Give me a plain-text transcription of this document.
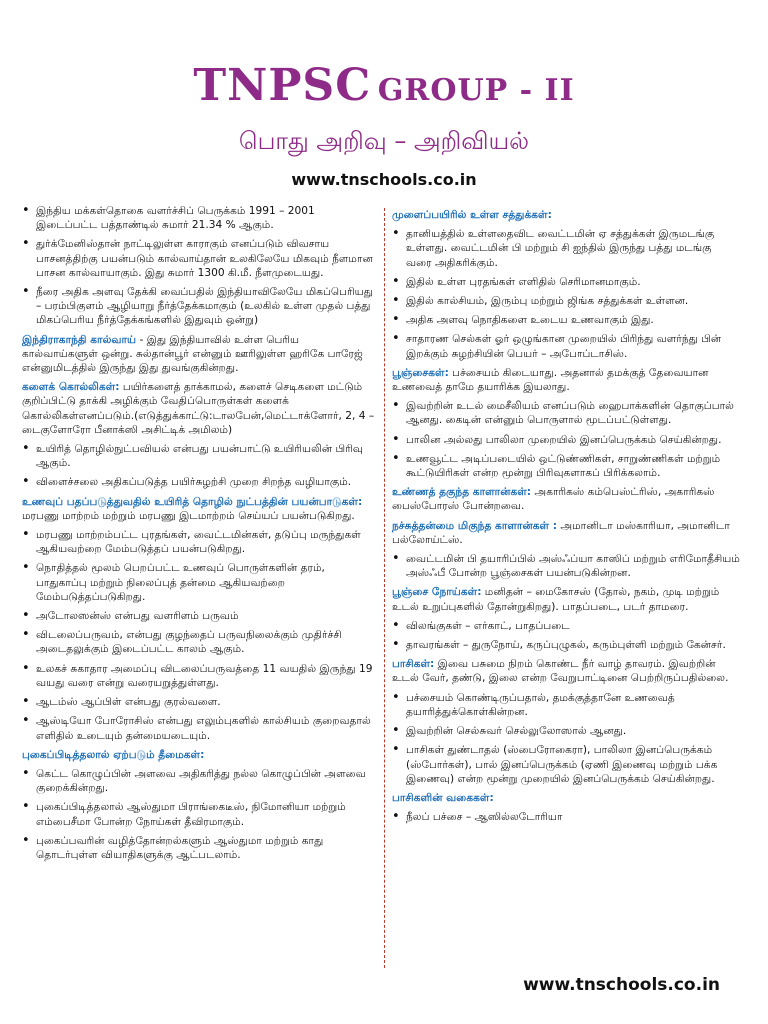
TNPSC GROUP - II
பொது அறிவு – அறிவியல்
www.tnschools.co.in
• இந்திய மக்கள்தொகை வளர்ச்சிப் பெருக்கம் 1991 – 2001 இடைப்பட்ட பத்தாண்டில் சுமார் 21.34 % ஆகும்.
• துர்க்மேனிஸ்தான் நாட்டிலுள்ள காராகும் எனப்படும் விவசாய பாசனத்திற்கு பயன்படும் கால்வாய்தான் உலகிலேயே மிகவும் நீளமான பாசன கால்வாயாகும். இது சுமார் 1300 கி.மீ. நீளமுடையது.
• நீரை அதிக அளவு தேக்கி வைப்பதில் இந்தியாவிலேயே மிகப்பெரியது – பரம்பிகுளம் ஆழியாறு நீர்த்தேக்கமாகும் (உலகில் உள்ள முதல் பத்து மிகப்பெரிய நீர்த்தேக்கங்களில் இதுவும் ஒன்று)
இந்திராகாந்தி கால்வாய் - இது இந்தியாவில் உள்ள பெரிய கால்வாய்களுள் ஒன்று. சுல்தான்பூர் என்னும் ஊரிலுள்ள ஹரிகே பாரேஜ் என்னுமிடத்தில் இருந்து இது துவங்குகின்றது.
களைக் கொல்லிகள்: பயிர்களைத் தாக்காமல், களைச் செடிகளை மட்டும் குறிப்பிட்டு தாக்கி அழிக்கும் வேதிப்பொருள்கள் களைக் கொல்லிகள்எனப்படும்.(எடுத்துக்காட்டு:டாலபேன்,மெட்டாக்ளோர், 2, 4 – டைகுளோரோ பீனாக்ஸி அசிட்டிக் அமிலம்)
• உயிரித் தொழில்நுட்பவியல் என்பது பயன்பாட்டு உயிரியலின் பிரிவு ஆகும்.
• விளைச்சலை அதிகப்படுத்த பயிர்சுழற்சி முறை சிறந்த வழியாகும்.
உணவுப் பதப்படுத்துவதில் உயிரித் தொழில் நுட்பத்தின் பயன்பாடுகள்: மரபணு மாற்றம் மற்றும் மரபணு இடமாற்றம் செய்யப் பயன்படுகிறது.
• மரபணு மாற்றம்பட்ட புரதங்கள், வைட்டமின்கள், தடுப்பு மருந்துகள் ஆகியவற்றை மேம்படுத்தப் பயன்படுகிறது.
• நொதித்தல் மூலம் பெறப்பட்ட உணவுப் பொருள்களின் தரம், பாதுகாப்பு மற்றும் நிலைப்புத் தன்மை ஆகியவற்றை மேம்படுத்தப்படுகிறது.
• அடோலஸன்ஸ் என்பது வளரிளம் பருவம்
• விடலைப்பருவம், என்பது குழந்தைப் பருவநிலைக்கும் முதிர்ச்சி அடைதலுக்கும் இடைப்பட்ட காலம் ஆகும்.
• உலகச் சுகாதார அமைப்பு விடலைப்பருவத்தை 11 வயதில் இருந்து 19 வயது வரை என்று வரையறுத்துள்ளது.
• ஆடம்ஸ் ஆப்பிள் என்பது குரல்வளை.
• ஆஸ்டியோ போரோசிஸ் என்பது எலும்புகளில் கால்சியம் குறைவதால் எளிதில் உடையும் தன்மையடையும்.
புகைப்பிடித்தலால் ஏற்படும் தீமைகள்:
• கெட்ட கொழுப்பின் அளவை அதிகரித்து நல்ல கொழுப்பின் அளவை குறைக்கின்றது.
• புகைப்பிடித்தலால் ஆஸ்துமா பிராங்கைடீஸ், நிமோனியா மற்றும் எம்பைசீமா போன்ற நோய்கள் தீவிரமாகும்.
• புகைப்பவரின் வழித்தோன்றல்களும் ஆஸ்துமா மற்றும் காது தொடர்புள்ள வியாதிகளுக்கு ஆட்படலாம்.
முளைப்பயிரில் உள்ள சத்துக்கள்:
• தானியத்தில் உள்ளதைவிட வைட்டமின் ஏ சத்துக்கள் இருமடங்கு உள்ளது. வைட்டமின் பி மற்றும் சி ஐந்தில் இருந்து பத்து மடங்கு வரை அதிகரிக்கும்.
• இதில் உள்ள புரதங்கள் எளிதில் செரிமானமாகும்.
• இதில் கால்சியம், இரும்பு மற்றும் ஜிங்க சத்துக்கள் உள்ளன.
• அதிக அளவு நொதிகளை உடைய உணவாகும் இது.
• சாதாரண செல்கள் ஓர் ஒழுங்கான முறையில் பிரிந்து வளர்ந்து பின் இறக்கும் சுழற்சியின் பெயர் – அபோப்டாசிஸ்.
பூஞ்சைகள்: பச்சையம் கிடையாது. அதனால் தமக்குத் தேவையான உணவைத் தாமே தயாரிக்க இயலாது.
• இவற்றின் உடல் மைசீலியம் எனப்படும் ஹைபாக்களின் தொகுப்பால் ஆனது. கைடின் என்னும் பொருளால் மூடப்பட்டுள்ளது.
• பாலின அல்லது பாலிலா முறையில் இனப்பெருக்கம் செய்கின்றது.
• உணவூட்ட அடிப்படையில் ஒட்டுண்ணிகள், சாறுண்ணிகள் மற்றும் கூட்டுயிரிகள் என்ற மூன்று பிரிவுகளாகப் பிரிக்கலாம்.
உண்ணத் தகுந்த காளான்கள்: அகாரிகஸ் கம்பெஸ்ட்ரிஸ், அகாரிகஸ் பைஸ்போரஸ் போன்றவை.
நச்சுத்தன்மை மிகுந்த காளான்கள் : அமானிடா மஸ்காரியா, அமானிடா பல்லோய்ட்ஸ்.
• வைட்டமின் பி தயாரிப்பில் அஸ்ஃப்யா காஸிப் மற்றும் எரிமோதீசியம் அஸ்ஃபீ போன்ற பூஞ்சைகள் பயன்படுகின்றன.
பூஞ்சை நோய்கள்: மனிதன் – மைகோசஸ் (தோல், நகம், முடி மற்றும் உடல் உறுப்புகளில் தோன்றுகிறது). பாதப்படை, படர் தாமரை.
• விலங்குகள் – எர்காட், பாதப்படை
• தாவரங்கள் – துருநோய், கருப்புழுகல், கரும்புள்ளி மற்றும் கேன்சர்.
பாசிகள்: இவை பசுமை நிறம் கொண்ட நீர் வாழ் தாவரம். இவற்றின் உடல் வேர், தண்டு, இலை என்ற வேறுபாட்டினை பெற்றிருப்பதில்லை.
• பச்சையம் கொண்டிருப்பதால், தமக்குத்தானே உணவைத் தயாரித்துக்கொள்கின்றன.
• இவற்றின் செல்சுவர் செல்லுலோஸால் ஆனது.
• பாசிகள் துண்டாதல் (ஸ்பைரோகைரா), பாலிலா இனப்பெருக்கம் (ஸ்போர்கள்), பால் இனப்பெருக்கம் (ஏணி இணைவு மற்றும் பக்க இணைவு) என்ற மூன்று முறையில் இனப்பெருக்கம் செய்கின்றது.
பாசிகளின் வகைகள்:
• நீலப் பச்சை – ஆஸில்லடோரியா
www.tnschools.co.in
